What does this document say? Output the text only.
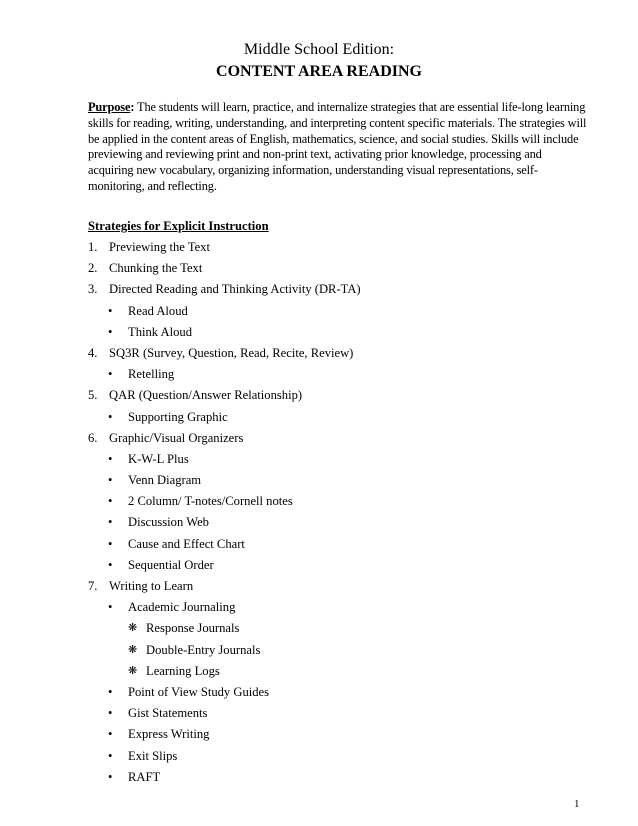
Middle School Edition:
CONTENT AREA READING
Purpose: The students will learn, practice, and internalize strategies that are essential life-long learning skills for reading, writing, understanding, and interpreting content specific materials. The strategies will be applied in the content areas of English, mathematics, science, and social studies. Skills will include previewing and reviewing print and non-print text, activating prior knowledge, processing and acquiring new vocabulary, organizing information, understanding visual representations, self-monitoring, and reflecting.
Strategies for Explicit Instruction
1. Previewing the Text
2. Chunking the Text
3. Directed Reading and Thinking Activity (DR-TA)
• Read Aloud
• Think Aloud
4. SQ3R (Survey, Question, Read, Recite, Review)
• Retelling
5. QAR (Question/Answer Relationship)
• Supporting Graphic
6. Graphic/Visual Organizers
• K-W-L Plus
• Venn Diagram
• 2 Column/ T-notes/Cornell notes
• Discussion Web
• Cause and Effect Chart
• Sequential Order
7. Writing to Learn
• Academic Journaling
❋ Response Journals
❋ Double-Entry Journals
❋ Learning Logs
• Point of View Study Guides
• Gist Statements
• Express Writing
• Exit Slips
• RAFT
1
